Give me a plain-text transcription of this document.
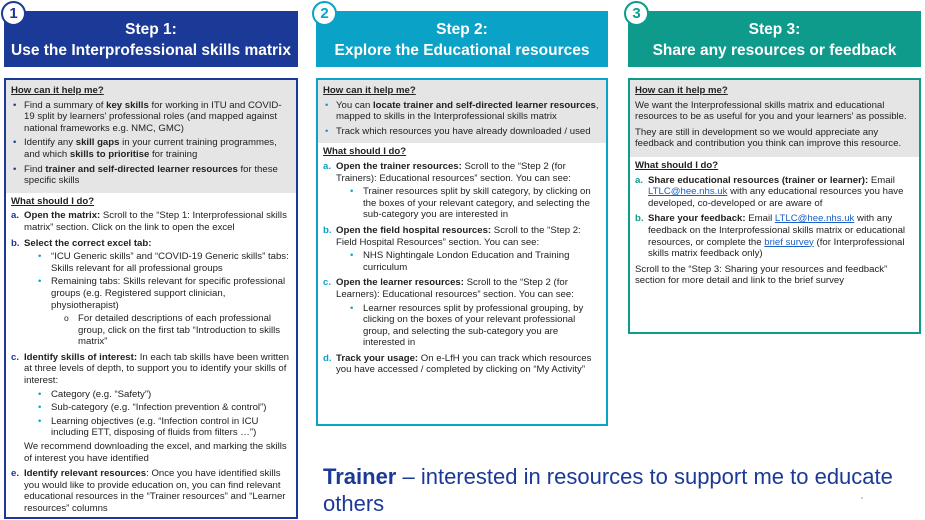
Step 1:
Use the Interprofessional skills matrix
1
Step 2:
Explore the Educational resources
2
Step 3:
Share any resources or feedback
3
How can it help me?
• Find a summary of key skills for working in ITU and COVID-19 split by learners' professional roles (and mapped against national frameworks e.g. NMC, GMC)
• Identify any skill gaps in your current training programmes, and which skills to prioritise for training
• Find trainer and self-directed learner resources for these specific skills
What should I do?
a. Open the matrix: Scroll to the “Step 1: Interprofessional skills matrix” section. Click on the link to open the excel
b. Select the correct excel tab:
• “ICU Generic skills” and “COVID-19 Generic skills” tabs: Skills relevant for all professional groups
• Remaining tabs: Skills relevant for specific professional groups (e.g. Registered support clinician, physiotherapist)
o For detailed descriptions of each professional group, click on the first tab “Introduction to skills matrix”
c. Identify skills of interest: In each tab skills have been written at three levels of depth, to support you to identify your skills of interest:
• Category (e.g. “Safety”)
• Sub-category (e.g. “Infection prevention & control”)
• Learning objectives (e.g. “Infection control in ICU including ETT, disposing of fluids from filters …”)
We recommend downloading the excel, and marking the skills of interest you have identified
e. Identify relevant resources: Once you have identified skills you would like to provide education on, you can find relevant educational resources in the “Trainer resources” and “Learner resources” columns
How can it help me?
• You can locate trainer and self-directed learner resources, mapped to skills in the Interprofessional skills matrix
• Track which resources you have already downloaded / used
What should I do?
a. Open the trainer resources: Scroll to the “Step 2 (for Trainers): Educational resources” section. You can see:
• Trainer resources split by skill category, by clicking on the boxes of your relevant category, and selecting the sub-category you are interested in
b. Open the field hospital resources: Scroll to the “Step 2: Field Hospital Resources” section. You can see:
• NHS Nightingale London Education and Training curriculum
c. Open the learner resources: Scroll to the “Step 2 (for Learners): Educational resources” section. You can see:
• Learner resources split by professional grouping, by clicking on the boxes of your relevant professional group, and selecting the sub-category you are interested in
d. Track your usage: On e-LfH you can track which resources you have accessed / completed by clicking on “My Activity”
How can it help me?
We want the Interprofessional skills matrix and educational resources to be as useful for you and your learners' as possible.
They are still in development so we would appreciate any feedback and contribution you think can improve this resource.
What should I do?
a. Share educational resources (trainer or learner): Email LTLC@hee.nhs.uk with any educational resources you have developed, co-developed or are aware of
b. Share your feedback: Email LTLC@hee.nhs.uk with any feedback on the Interprofessional skills matrix or educational resources, or complete the brief survey (for Interprofessional skills matrix feedback only)
Scroll to the “Step 3: Sharing your resources and feedback” section for more detail and link to the brief survey
Trainer – interested in resources to support me to educate others
